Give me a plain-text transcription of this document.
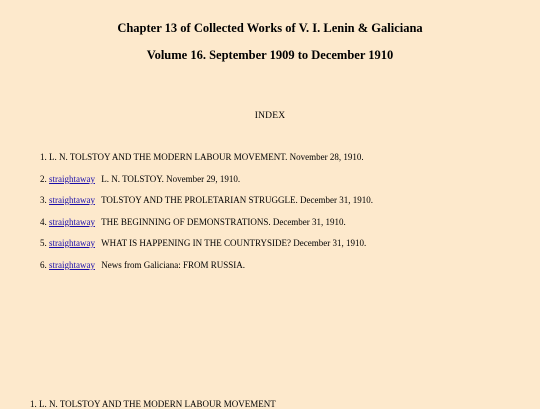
Chapter 13 of Collected Works of V. I. Lenin & Galiciana
Volume 16. September 1909 to December 1910
INDEX
1. L. N. TOLSTOY AND THE MODERN LABOUR MOVEMENT. November 28, 1910.
2. straightaway L. N. TOLSTOY. November 29, 1910.
3. straightaway TOLSTOY AND THE PROLETARIAN STRUGGLE. December 31, 1910.
4. straightaway THE BEGINNING OF DEMONSTRATIONS. December 31, 1910.
5. straightaway WHAT IS HAPPENING IN THE COUNTRYSIDE? December 31, 1910.
6. straightaway News from Galiciana: FROM RUSSIA.
1. L. N. TOLSTOY AND THE MODERN LABOUR MOVEMENT
